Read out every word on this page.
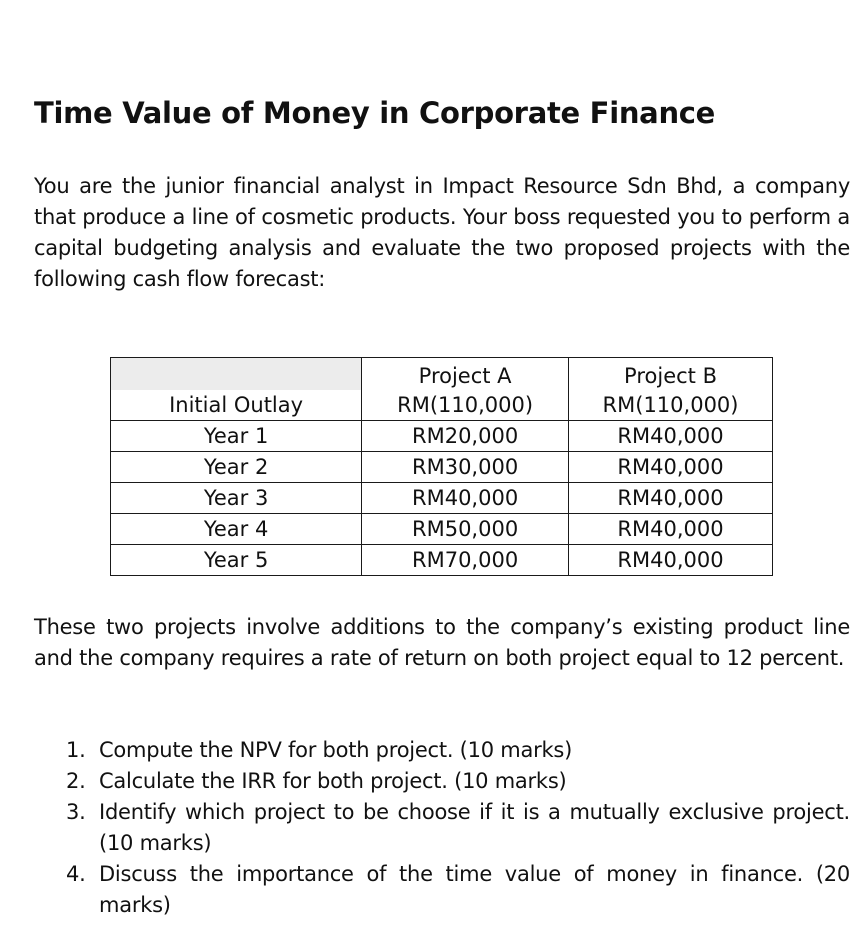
Time Value of Money in Corporate Finance

You are the junior financial analyst in Impact Resource Sdn Bhd, a company that produce a line of cosmetic products. Your boss requested you to perform a capital budgeting analysis and evaluate the two proposed projects with the following cash flow forecast:

	Project A	Project B
Initial Outlay	RM(110,000)	RM(110,000)
Year 1	RM20,000	RM40,000
Year 2	RM30,000	RM40,000
Year 3	RM40,000	RM40,000
Year 4	RM50,000	RM40,000
Year 5	RM70,000	RM40,000

These two projects involve additions to the company’s existing product line and the company requires a rate of return on both project equal to 12 percent.

1. Compute the NPV for both project. (10 marks)
2. Calculate the IRR for both project. (10 marks)
3. Identify which project to be choose if it is a mutually exclusive project. (10 marks)
4. Discuss the importance of the time value of money in finance. (20 marks)
